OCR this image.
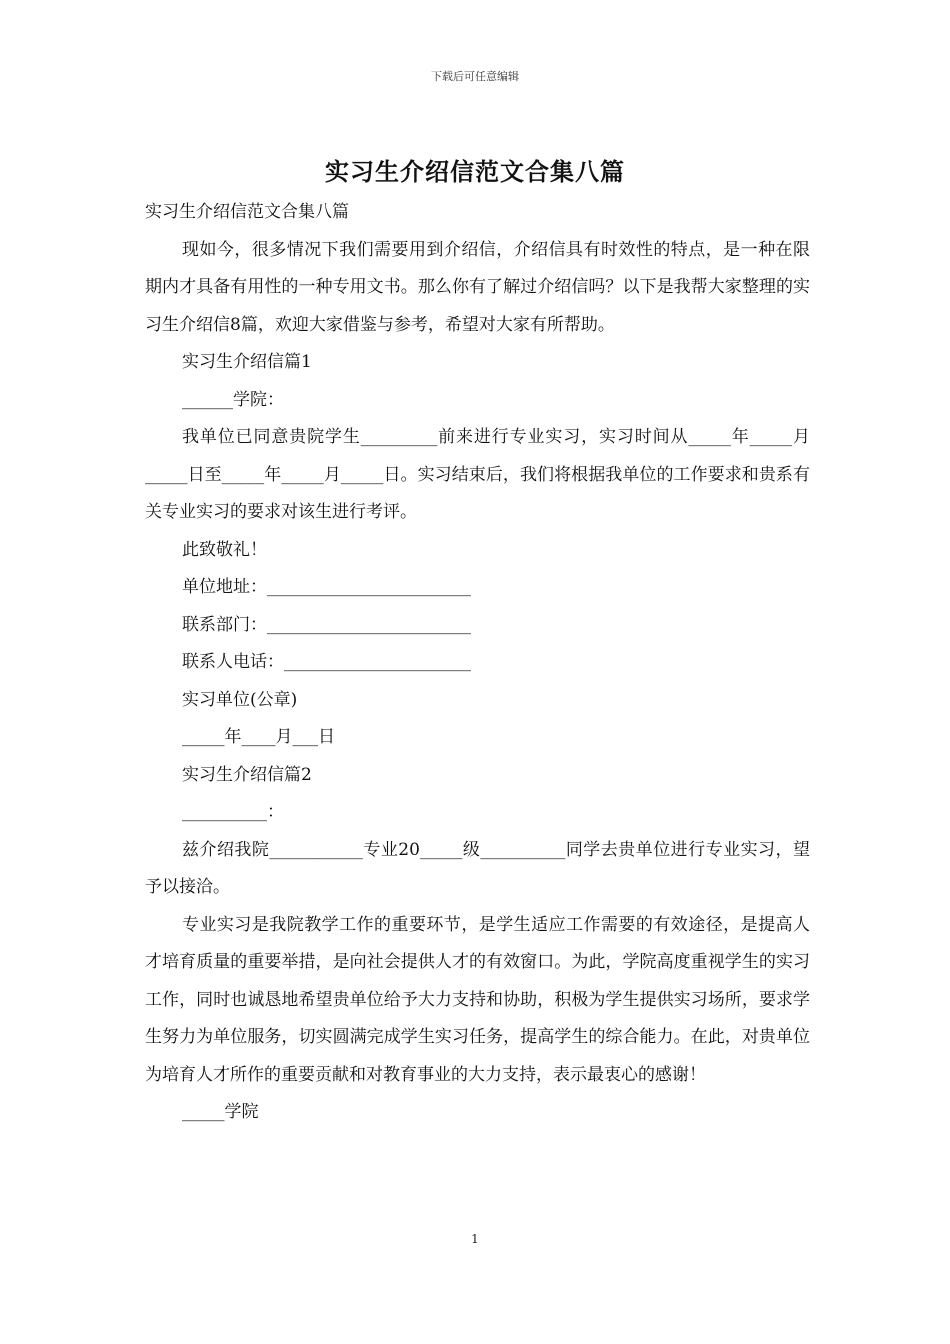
下载后可任意编辑
实习生介绍信范文合集八篇

实习生介绍信范文合集八篇

现如今，很多情况下我们需要用到介绍信，介绍信具有时效性的特点，是一种在限期内才具备有用性的一种专用文书。那么你有了解过介绍信吗？以下是我帮大家整理的实习生介绍信8篇，欢迎大家借鉴与参考，希望对大家有所帮助。

实习生介绍信篇1

______学院：

我单位已同意贵院学生_________前来进行专业实习，实习时间从_____年_____月_____日至_____年_____月_____日。实习结束后，我们将根据我单位的工作要求和贵系有关专业实习的要求对该生进行考评。

此致敬礼！

单位地址：________________________

联系部门：________________________

联系人电话：______________________

实习单位(公章)

_____年____月___日

实习生介绍信篇2

__________：

兹介绍我院___________专业20_____级__________同学去贵单位进行专业实习，望予以接洽。

专业实习是我院教学工作的重要环节，是学生适应工作需要的有效途径，是提高人才培育质量的重要举措，是向社会提供人才的有效窗口。为此，学院高度重视学生的实习工作，同时也诚恳地希望贵单位给予大力支持和协助，积极为学生提供实习场所，要求学生努力为单位服务，切实圆满完成学生实习任务，提高学生的综合能力。在此，对贵单位为培育人才所作的重要贡献和对教育事业的大力支持，表示最衷心的感谢！

_____学院

1
